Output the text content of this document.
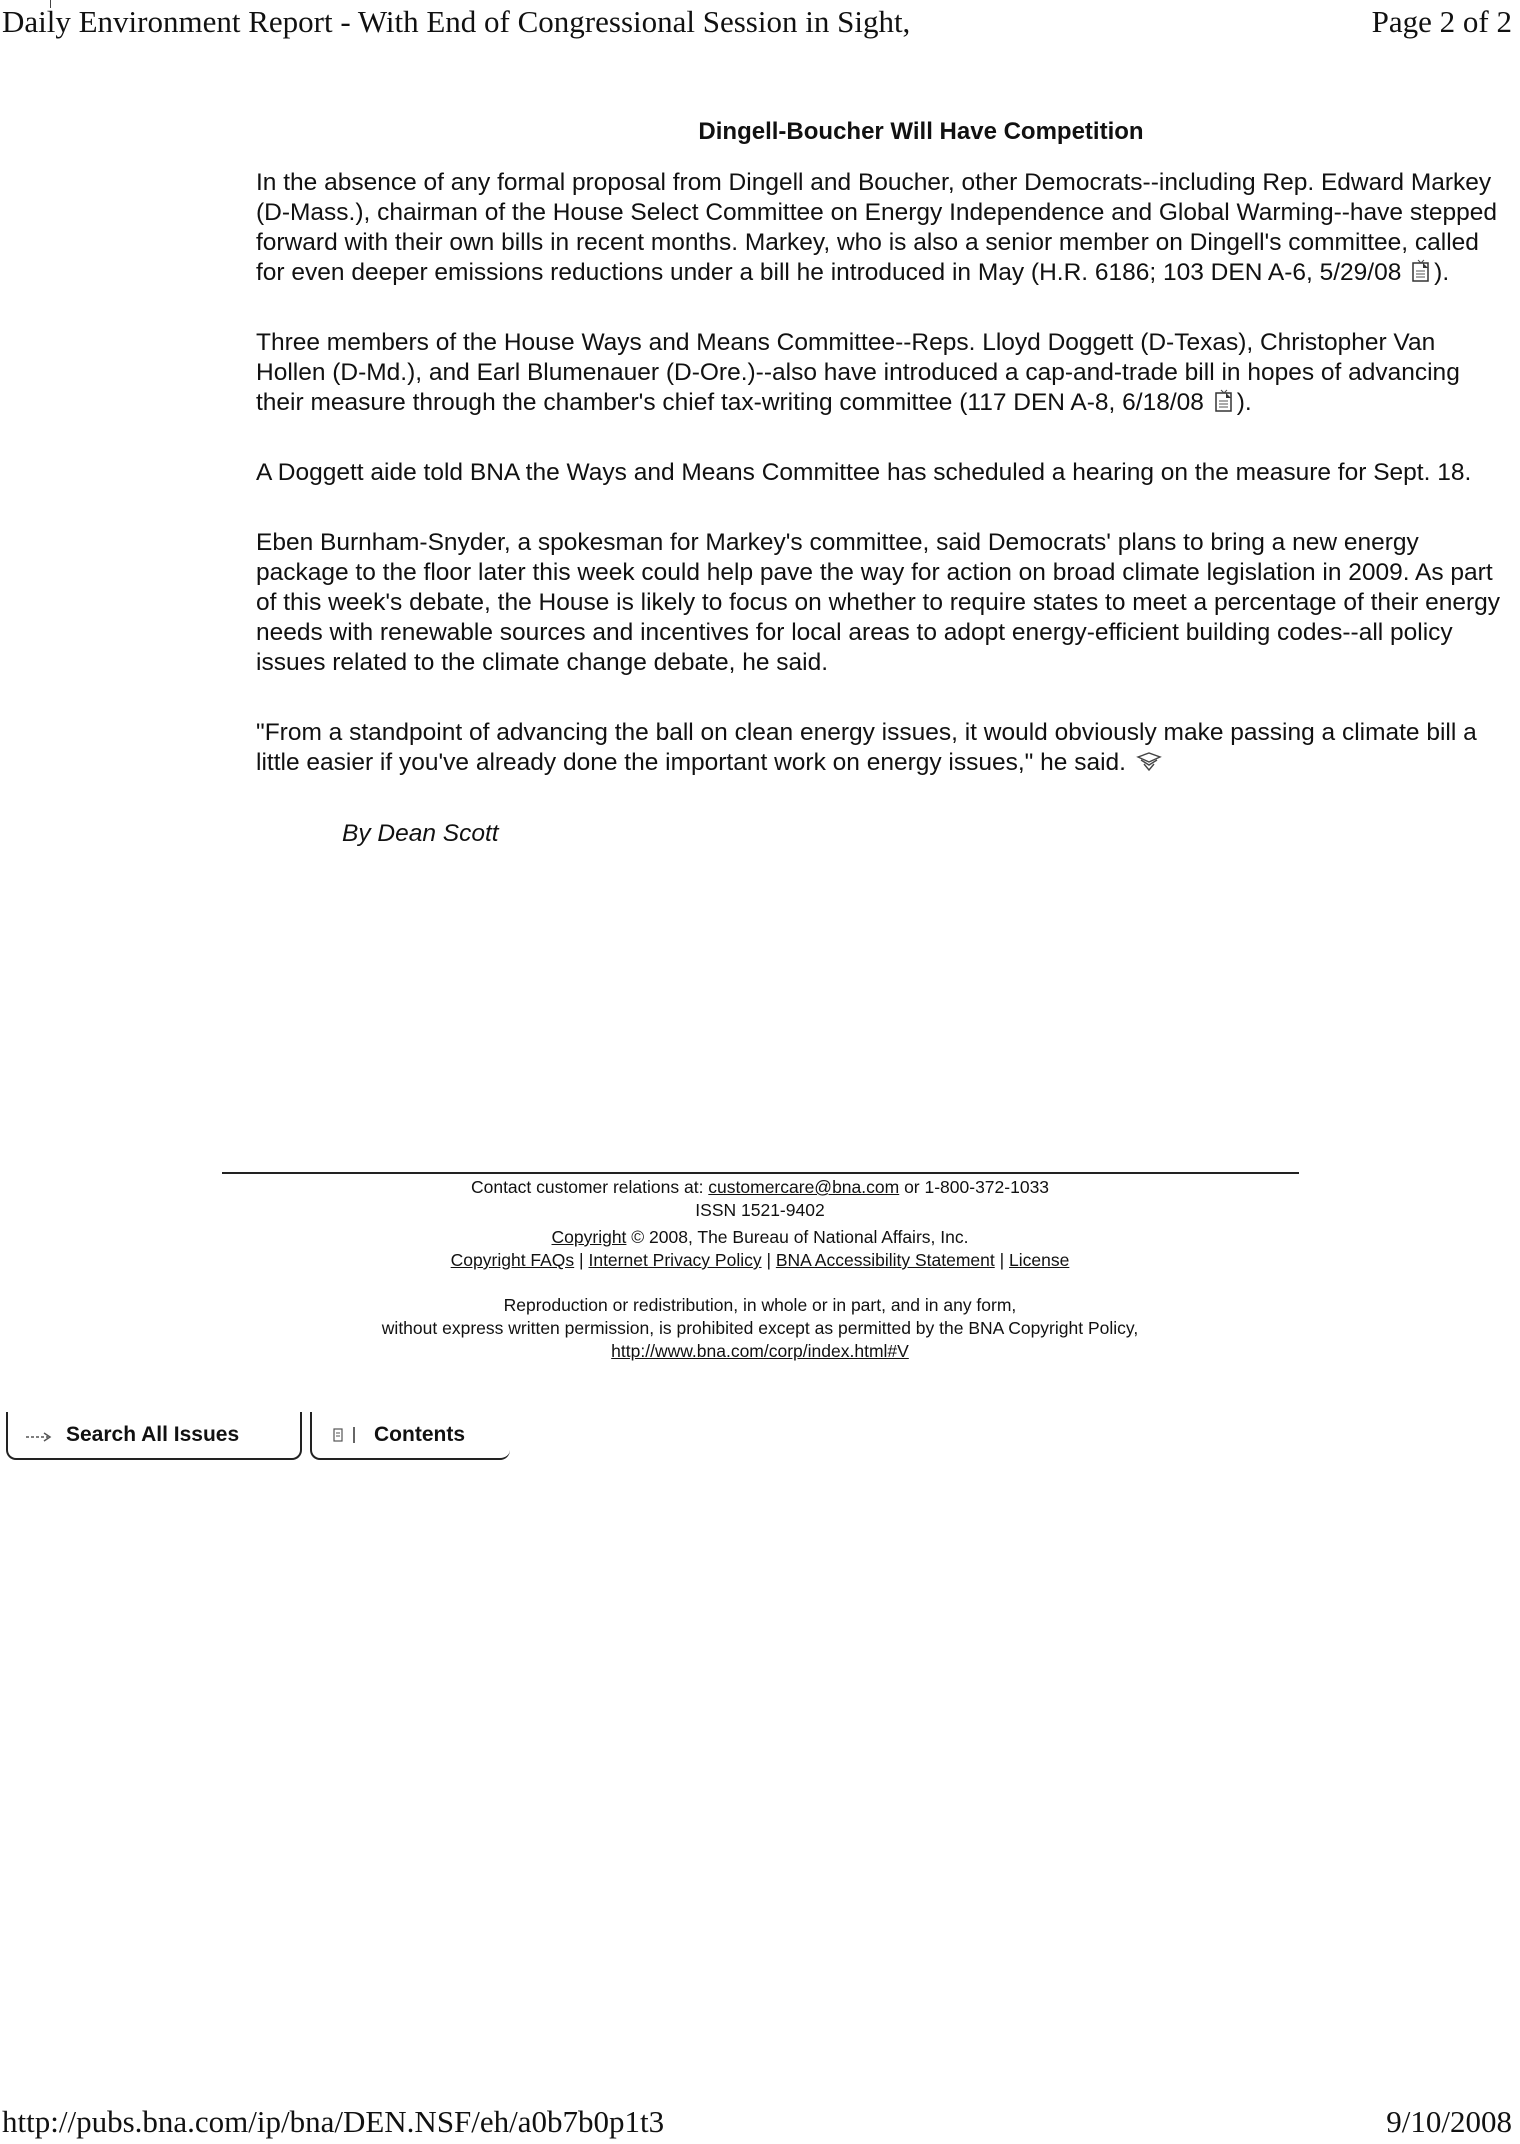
Daily Environment Report - With End of Congressional Session in Sight,	Page 2 of 2
Dingell-Boucher Will Have Competition

In the absence of any formal proposal from Dingell and Boucher, other Democrats--including Rep. Edward Markey (D-Mass.), chairman of the House Select Committee on Energy Independence and Global Warming--have stepped forward with their own bills in recent months. Markey, who is also a senior member on Dingell's committee, called for even deeper emissions reductions under a bill he introduced in May (H.R. 6186; 103 DEN A-6, 5/29/08 ).

Three members of the House Ways and Means Committee--Reps. Lloyd Doggett (D-Texas), Christopher Van Hollen (D-Md.), and Earl Blumenauer (D-Ore.)--also have introduced a cap-and-trade bill in hopes of advancing their measure through the chamber's chief tax-writing committee (117 DEN A-8, 6/18/08 ).

A Doggett aide told BNA the Ways and Means Committee has scheduled a hearing on the measure for Sept. 18.

Eben Burnham-Snyder, a spokesman for Markey's committee, said Democrats' plans to bring a new energy package to the floor later this week could help pave the way for action on broad climate legislation in 2009. As part of this week's debate, the House is likely to focus on whether to require states to meet a percentage of their energy needs with renewable sources and incentives for local areas to adopt energy-efficient building codes--all policy issues related to the climate change debate, he said.

"From a standpoint of advancing the ball on clean energy issues, it would obviously make passing a climate bill a little easier if you've already done the important work on energy issues," he said.

By Dean Scott
Contact customer relations at: customercare@bna.com or 1-800-372-1033
ISSN 1521-9402
Copyright © 2008, The Bureau of National Affairs, Inc.
Copyright FAQs | Internet Privacy Policy | BNA Accessibility Statement | License
Reproduction or redistribution, in whole or in part, and in any form,
without express written permission, is prohibited except as permitted by the BNA Copyright Policy,
http://www.bna.com/corp/index.html#V
Search All Issues	Contents
http://pubs.bna.com/ip/bna/DEN.NSF/eh/a0b7b0p1t3	9/10/2008
